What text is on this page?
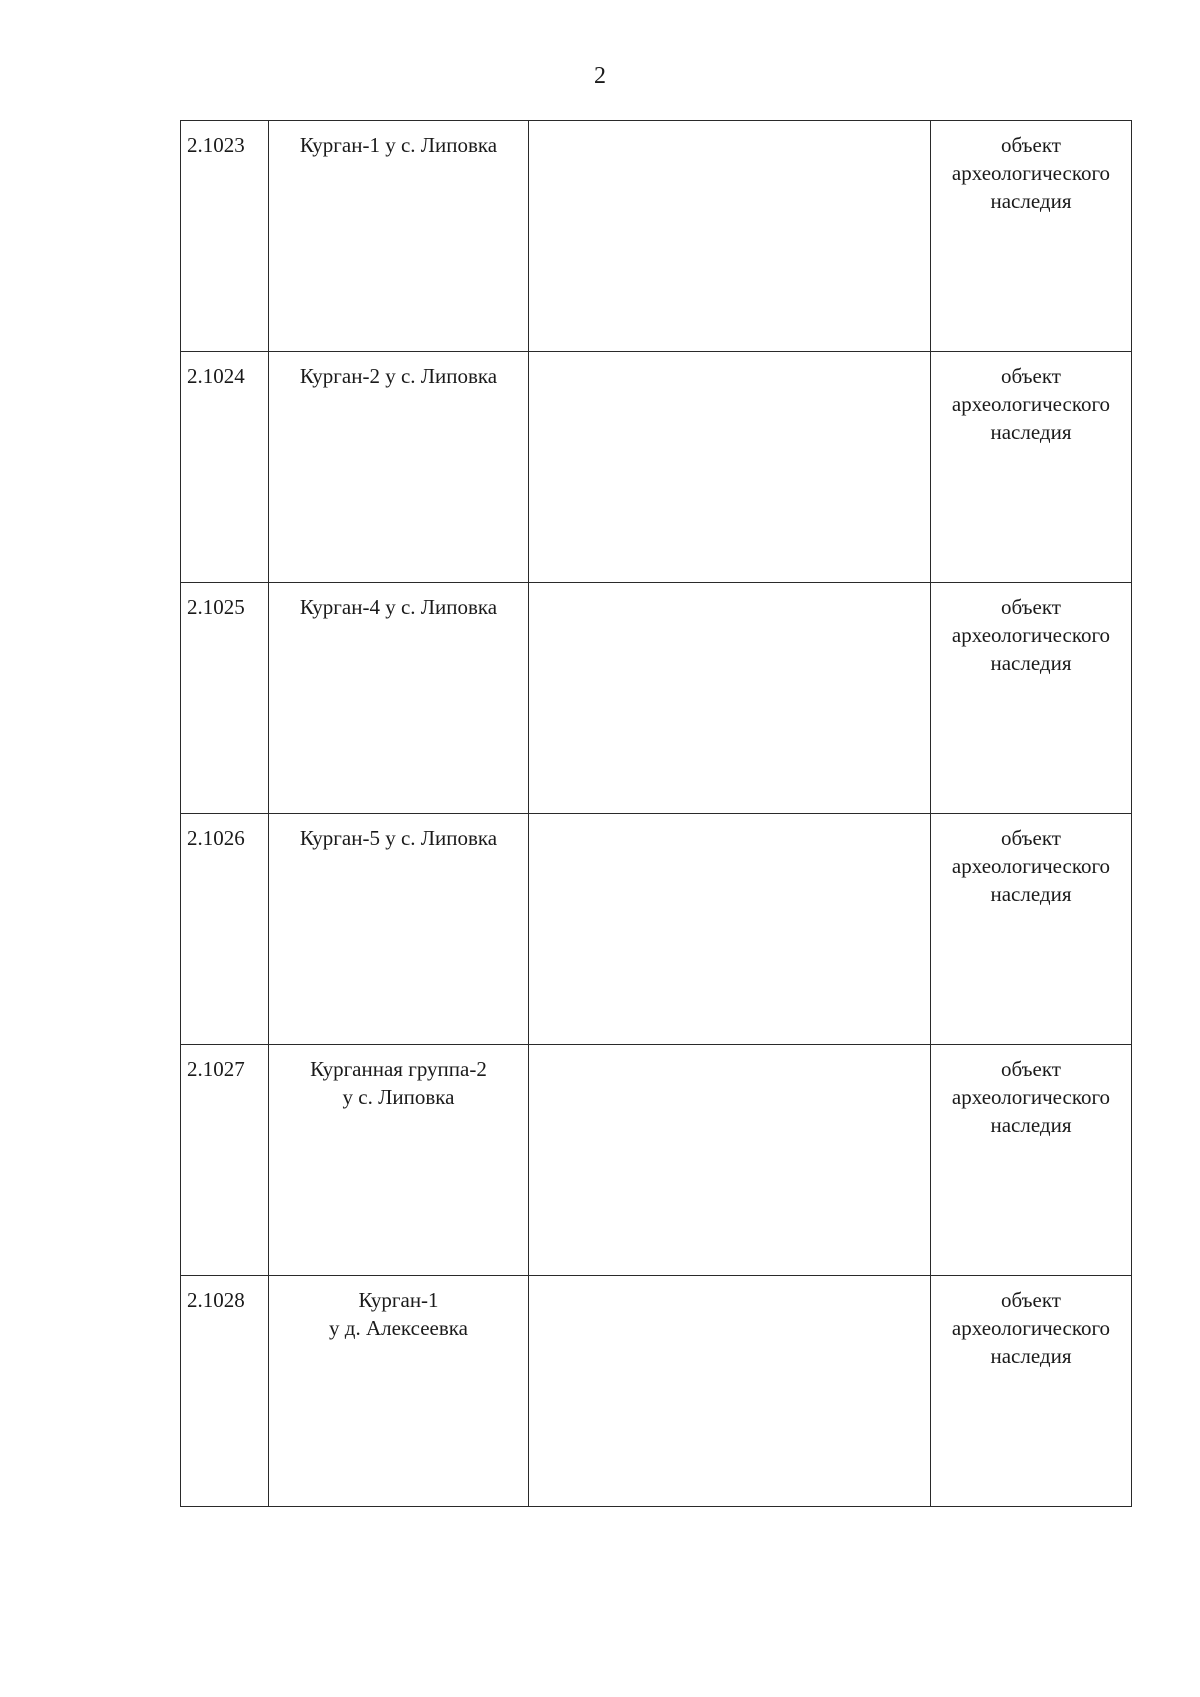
2
2.1023	Курган-1 у с. Липовка		объект
археологического
наследия

2.1024	Курган-2 у с. Липовка		объект
археологического
наследия

2.1025	Курган-4 у с. Липовка		объект
археологического
наследия

2.1026	Курган-5 у с. Липовка		объект
археологического
наследия

2.1027	Курганная группа-2
у с. Липовка		объект
археологического
наследия

2.1028	Курган-1
у д. Алексеевка		объект
археологического
наследия
